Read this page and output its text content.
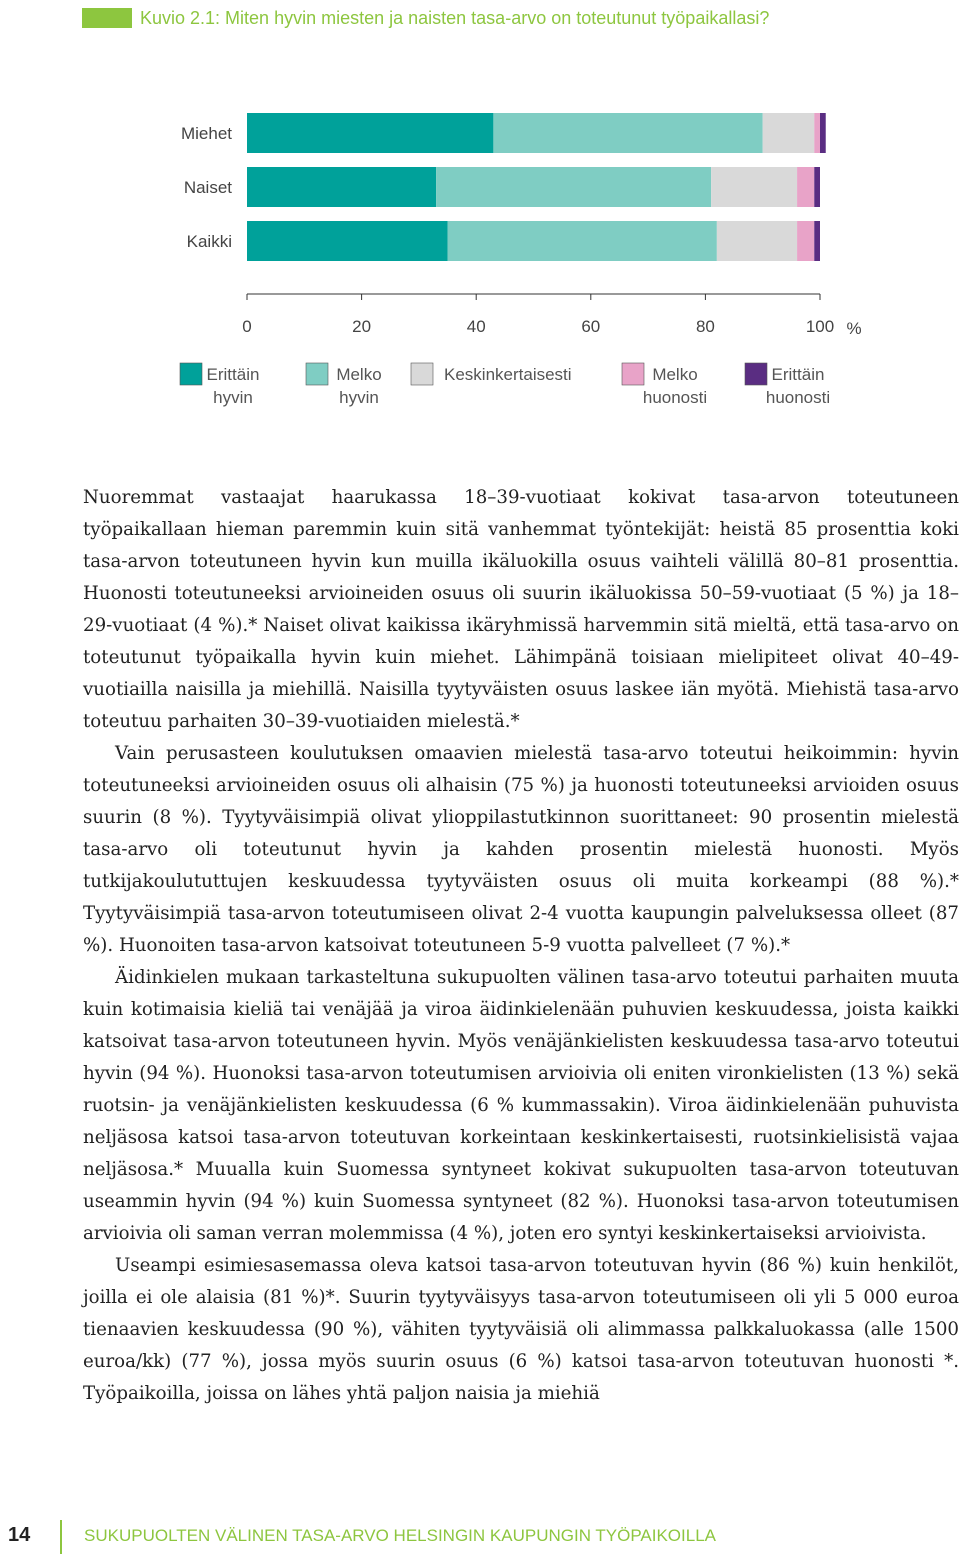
Kuvio 2.1: Miten hyvin miesten ja naisten tasa-arvo on toteutunut työpaikallasi?
Miehet
Naiset
Kaikki
0	20	40	60	80	100 %
Erittäin
hyvin
Melko
hyvin
Keskinkertaisesti	Melko
huonosti
Erittäin
huonosti

Nuoremmat vastaajat haarukassa 18–39-vuotiaat kokivat tasa-arvon toteutuneen työpaikallaan hieman paremmin kuin sitä vanhemmat työntekijät: heistä 85 prosenttia koki tasa-arvon toteutuneen hyvin kun muilla ikäluokilla osuus vaihteli välillä 80–81 prosenttia. Huonosti toteutuneeksi arvioineiden osuus oli suurin ikäluokissa 50–59-vuotiaat (5 %) ja 18–29-vuotiaat (4 %).* Naiset olivat kaikissa ikäryhmissä harvemmin sitä mieltä, että tasa-arvo on toteutunut työpaikalla hyvin kuin miehet. Lähimpänä toisiaan mielipiteet olivat 40–49-vuotiailla naisilla ja miehillä. Naisilla tyytyväisten osuus laskee iän myötä. Miehistä tasa-arvo toteutuu parhaiten 30–39-vuotiaiden mielestä.*

Vain perusasteen koulutuksen omaavien mielestä tasa-arvo toteutui heikoimmin: hyvin toteutuneeksi arvioineiden osuus oli alhaisin (75 %) ja huonosti toteutuneeksi arvioiden osuus suurin (8 %). Tyytyväisimpiä olivat ylioppilastutkinnon suorittaneet: 90 prosentin mielestä tasa-arvo oli toteutunut hyvin ja kahden prosentin mielestä huonosti. Myös tutkijakoulututtujen keskuudessa tyytyväisten osuus oli muita korkeampi (88 %).* Tyytyväisimpiä tasa-arvon toteutumiseen olivat 2-4 vuotta kaupungin palveluksessa olleet (87 %). Huonoiten tasa-arvon katsoivat toteutuneen 5-9 vuotta palvelleet (7 %).*

Äidinkielen mukaan tarkasteltuna sukupuolten välinen tasa-arvo toteutui parhaiten muuta kuin kotimaisia kieliä tai venäjää ja viroa äidinkielenään puhuvien keskuudessa, joista kaikki katsoivat tasa-arvon toteutuneen hyvin. Myös venäjänkielisten keskuudessa tasa-arvo toteutui hyvin (94 %). Huonoksi tasa-arvon toteutumisen arvioivia oli eniten vironkielisten (13 %) sekä ruotsin- ja venäjänkielisten keskuudessa (6 % kummassakin). Viroa äidinkielenään puhuvista neljäsosa katsoi tasa-arvon toteutuvan korkeintaan keskinkertaisesti, ruotsinkielisistä vajaa neljäsosa.* Muualla kuin Suomessa syntyneet kokivat sukupuolten tasa-arvon toteutuvan useammin hyvin (94 %) kuin Suomessa syntyneet (82 %). Huonoksi tasa-arvon toteutumisen arvioivia oli saman verran molemmissa (4 %), joten ero syntyi keskinkertaiseksi arvioivista.

Useampi esimiesasemassa oleva katsoi tasa-arvon toteutuvan hyvin (86 %) kuin henkilöt, joilla ei ole alaisia (81 %)*. Suurin tyytyväisyys tasa-arvon toteutumiseen oli yli 5 000 euroa tienaavien keskuudessa (90 %), vähiten tyytyväisiä oli alimmassa palkkaluokassa (alle 1500 euroa/kk) (77 %), jossa myös suurin osuus (6 %) katsoi tasa-arvon toteutuvan huonosti *. Työpaikoilla, joissa on lähes yhtä paljon naisia ja miehiä

14	SUKUPUOLTEN VÄLINEN TASA-ARVO HELSINGIN KAUPUNGIN TYÖPAIKOILLA
